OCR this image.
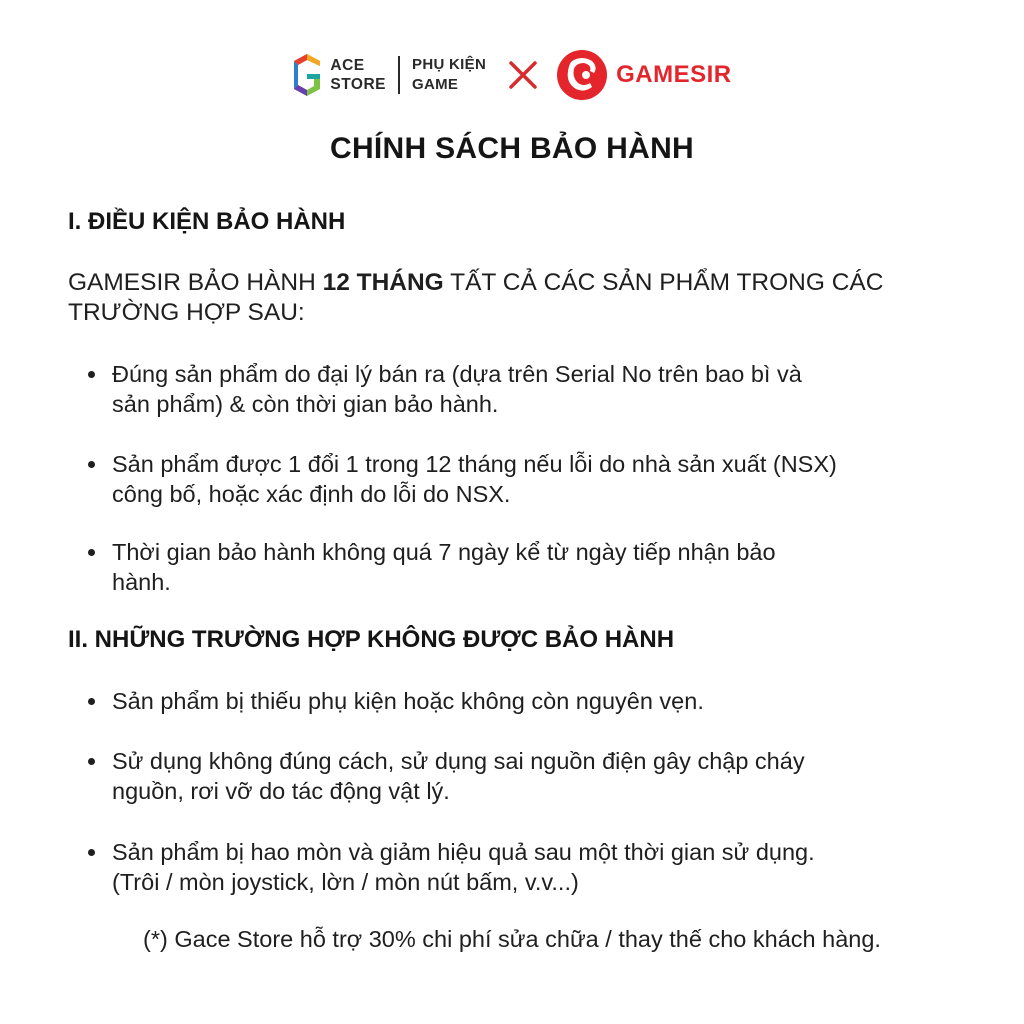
ACE
STORE
PHỤ KIỆN
GAME	GAMESIR
CHÍNH SÁCH BẢO HÀNH
I. ĐIỀU KIỆN BẢO HÀNH
GAMESIR BẢO HÀNH 12 THÁNG TẤT CẢ CÁC SẢN PHẨM TRONG CÁC
TRƯỜNG HỢP SAU:
Đúng sản phẩm do đại lý bán ra (dựa trên Serial No trên bao bì và
sản phẩm) & còn thời gian bảo hành.
Sản phẩm được 1 đổi 1 trong 12 tháng nếu lỗi do nhà sản xuất (NSX)
công bố, hoặc xác định do lỗi do NSX.
Thời gian bảo hành không quá 7 ngày kể từ ngày tiếp nhận bảo
hành.
II. NHỮNG TRƯỜNG HỢP KHÔNG ĐƯỢC BẢO HÀNH
Sản phẩm bị thiếu phụ kiện hoặc không còn nguyên vẹn.
Sử dụng không đúng cách, sử dụng sai nguồn điện gây chập cháy
nguồn, rơi vỡ do tác động vật lý.
Sản phẩm bị hao mòn và giảm hiệu quả sau một thời gian sử dụng.
(Trôi / mòn joystick, lờn / mòn nút bấm, v.v...)
(*) Gace Store hỗ trợ 30% chi phí sửa chữa / thay thế cho khách hàng.
